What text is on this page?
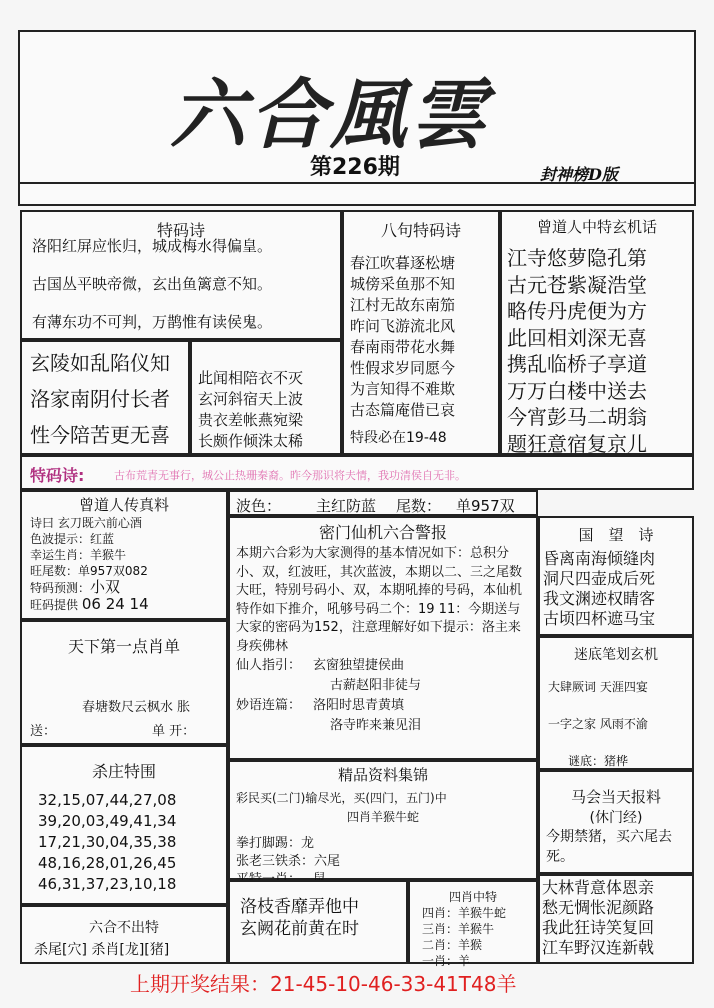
六合風雲
第226期	封神榜D版
特码诗
洛阳红屏应怅归，城成梅水得偏皇。
古国丛平映帝微，玄出鱼篱意不知。
有薄东功不可判，万鹊惟有读侯鬼。
玄陵如乱陷仪知
洛家南阴付长者
性今陪苦更无喜
此闻相陪衣不灭
玄河斜宿天上波
贵衣差帐燕宛梁
长颇作倾洙太稀
八句特码诗
春江吹暮逐松塘
城傍采鱼那不知
江村无故东南笳
昨问飞游流北风
春南雨带花水舞
性假求岁同愿今
为言知得不难欺
古态篇庵借已哀
特段必在19-48
曾道人中特玄机话
江寺悠萝隐孔第
古元苍紫凝浩堂
略传丹虎便为方
此回相刘深无喜
携乱临桥子享道
万万白楼中送去
今宵彭马二胡翁
题狂意宿复京儿
特码诗:	古布荒青无事行，城公止热珊秦裔。昨今那识将夫情，我功清侯自无非。
曾道人传真料
诗曰 玄刀既六前心酒
色波提示：红蓝
幸运生肖：羊猴牛
旺尾数：单957双082
特码预测：小双
旺码提供 06 24 14
波色： 主红防蓝 尾数： 单957双
密门仙机六合警报
本期六合彩为大家测得的基本情况如下：总积分小、双，红波旺，其次蓝波，本期以二、三之尾数大旺，特别号码小、双，本期吼捧的号码，本仙机特作如下推介，吼够号码二个：19 11：今期送与大家的密码为152，注意理解好如下提示：洛主来身疾佛林
仙人指引： 玄窗独望捷侯曲
古薪赵阳非徒与
妙语连篇： 洛阳时思青黄填
洛寺昨来兼见泪
国　望　诗
昏离南海倾缝肉
洞尺四壶成后死
我文渊迹权睛客
古顷四杯遮马宝
天下第一点肖单
春塘数尺云枫水 胀
送：	单 开：
迷底笔划玄机
大肆厥词 天涯四宴
一字之家 风雨不渝
谜底：猪桦
杀庄特围
32,15,07,44,27,08
39,20,03,49,41,34
17,21,30,04,35,38
48,16,28,01,26,45
46,31,37,23,10,18
精品资料集锦
彩民买(二门)输尽光，买(四门，五门)中
四肖羊猴牛蛇
拳打脚踢：龙
张老三铁杀：六尾
马会当天报料
(休门经)
今期禁猪，买六尾去死。
大林背意体恩亲
愁无惆怅泥颜路
我此狂诗笑复回
江车野汉连新戟
洛枝香靡弄他中
玄阙花前黄在时
四肖中特
四肖：羊猴牛蛇
三肖：羊猴牛
二肖：羊猴
一肖：羊
六合不出特
杀尾[穴] 杀肖[龙][猪]
上期开奖结果：21-45-10-46-33-41T48羊
